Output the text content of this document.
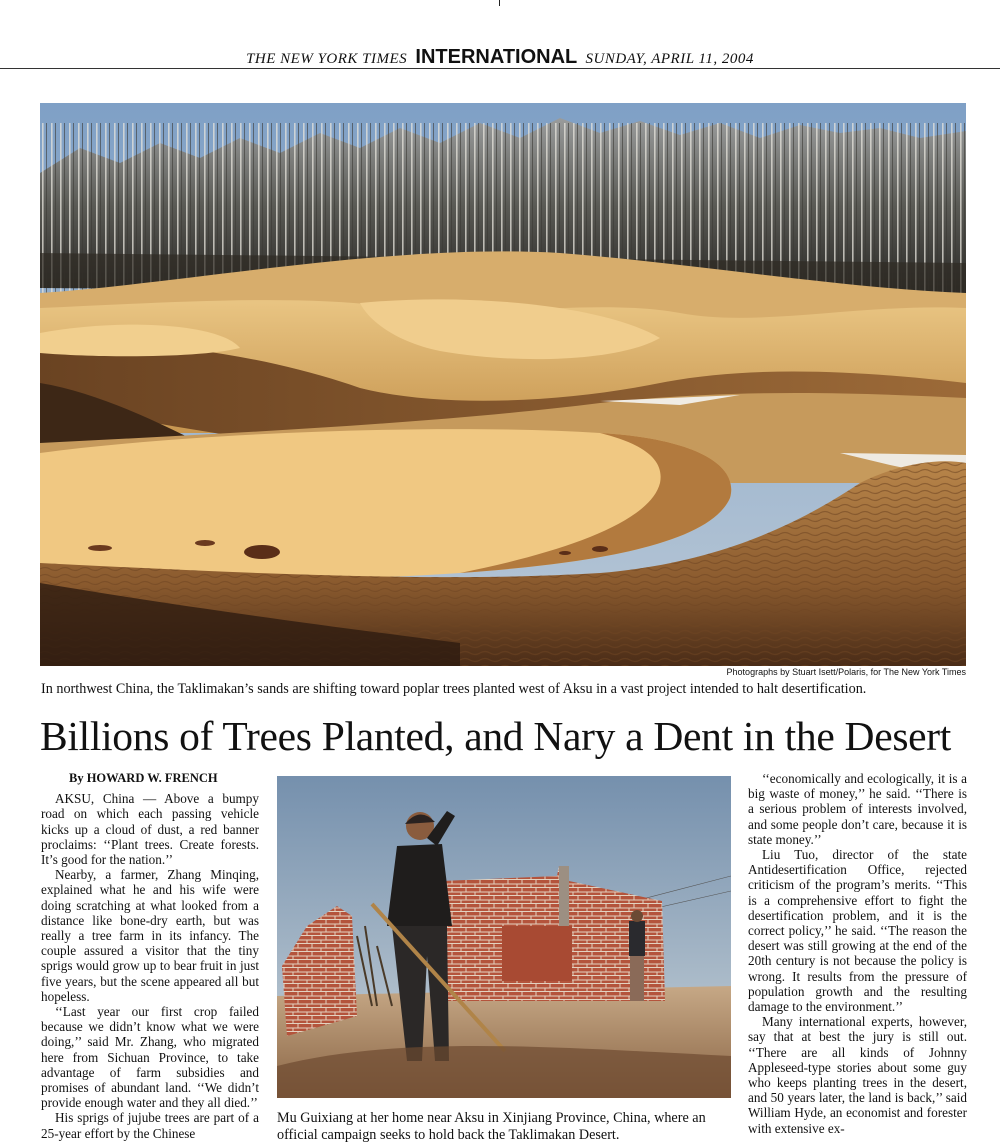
THE NEW YORK TIMES INTERNATIONAL SUNDAY, APRIL 11, 2004
Photographs by Stuart Isett/Polaris, for The New York Times
In northwest China, the Taklimakan’s sands are shifting toward poplar trees planted west of Aksu in a vast project intended to halt desertification.
Billions of Trees Planted, and Nary a Dent in the Desert

By HOWARD W. FRENCH

AKSU, China — Above a bumpy road on which each passing vehicle kicks up a cloud of dust, a red banner proclaims: ‘‘Plant trees. Create forests. It’s good for the nation.’’

Nearby, a farmer, Zhang Minqing, explained what he and his wife were doing scratching at what looked from a distance like bone-dry earth, but was really a tree farm in its infancy. The couple assured a visitor that the tiny sprigs would grow up to bear fruit in just five years, but the scene appeared all but hopeless.

‘‘Last year our first crop failed because we didn’t know what we were doing,’’ said Mr. Zhang, who migrated here from Sichuan Province, to take advantage of farm subsidies and promises of abundant land. ‘‘We didn’t provide enough water and they all died.’’

His sprigs of jujube trees are part of a 25-year effort by the Chinese

Mu Guixiang at her home near Aksu in Xinjiang Province, China, where an official campaign seeks to hold back the Taklimakan Desert.

‘‘economically and ecologically, it is a big waste of money,’’ he said. ‘‘There is a serious problem of interests involved, and some people don’t care, because it is state money.’’

Liu Tuo, director of the state Antidesertification Office, rejected criticism of the program’s merits. ‘‘This is a comprehensive effort to fight the desertification problem, and it is the correct policy,’’ he said. ‘‘The reason the desert was still growing at the end of the 20th century is not because the policy is wrong. It results from the pressure of population growth and the resulting damage to the environment.’’

Many international experts, however, say that at best the jury is still out. ‘‘There are all kinds of Johnny Appleseed-type stories about some guy who keeps planting trees in the desert, and 50 years later, the land is back,’’ said William Hyde, an economist and forester with extensive ex-
